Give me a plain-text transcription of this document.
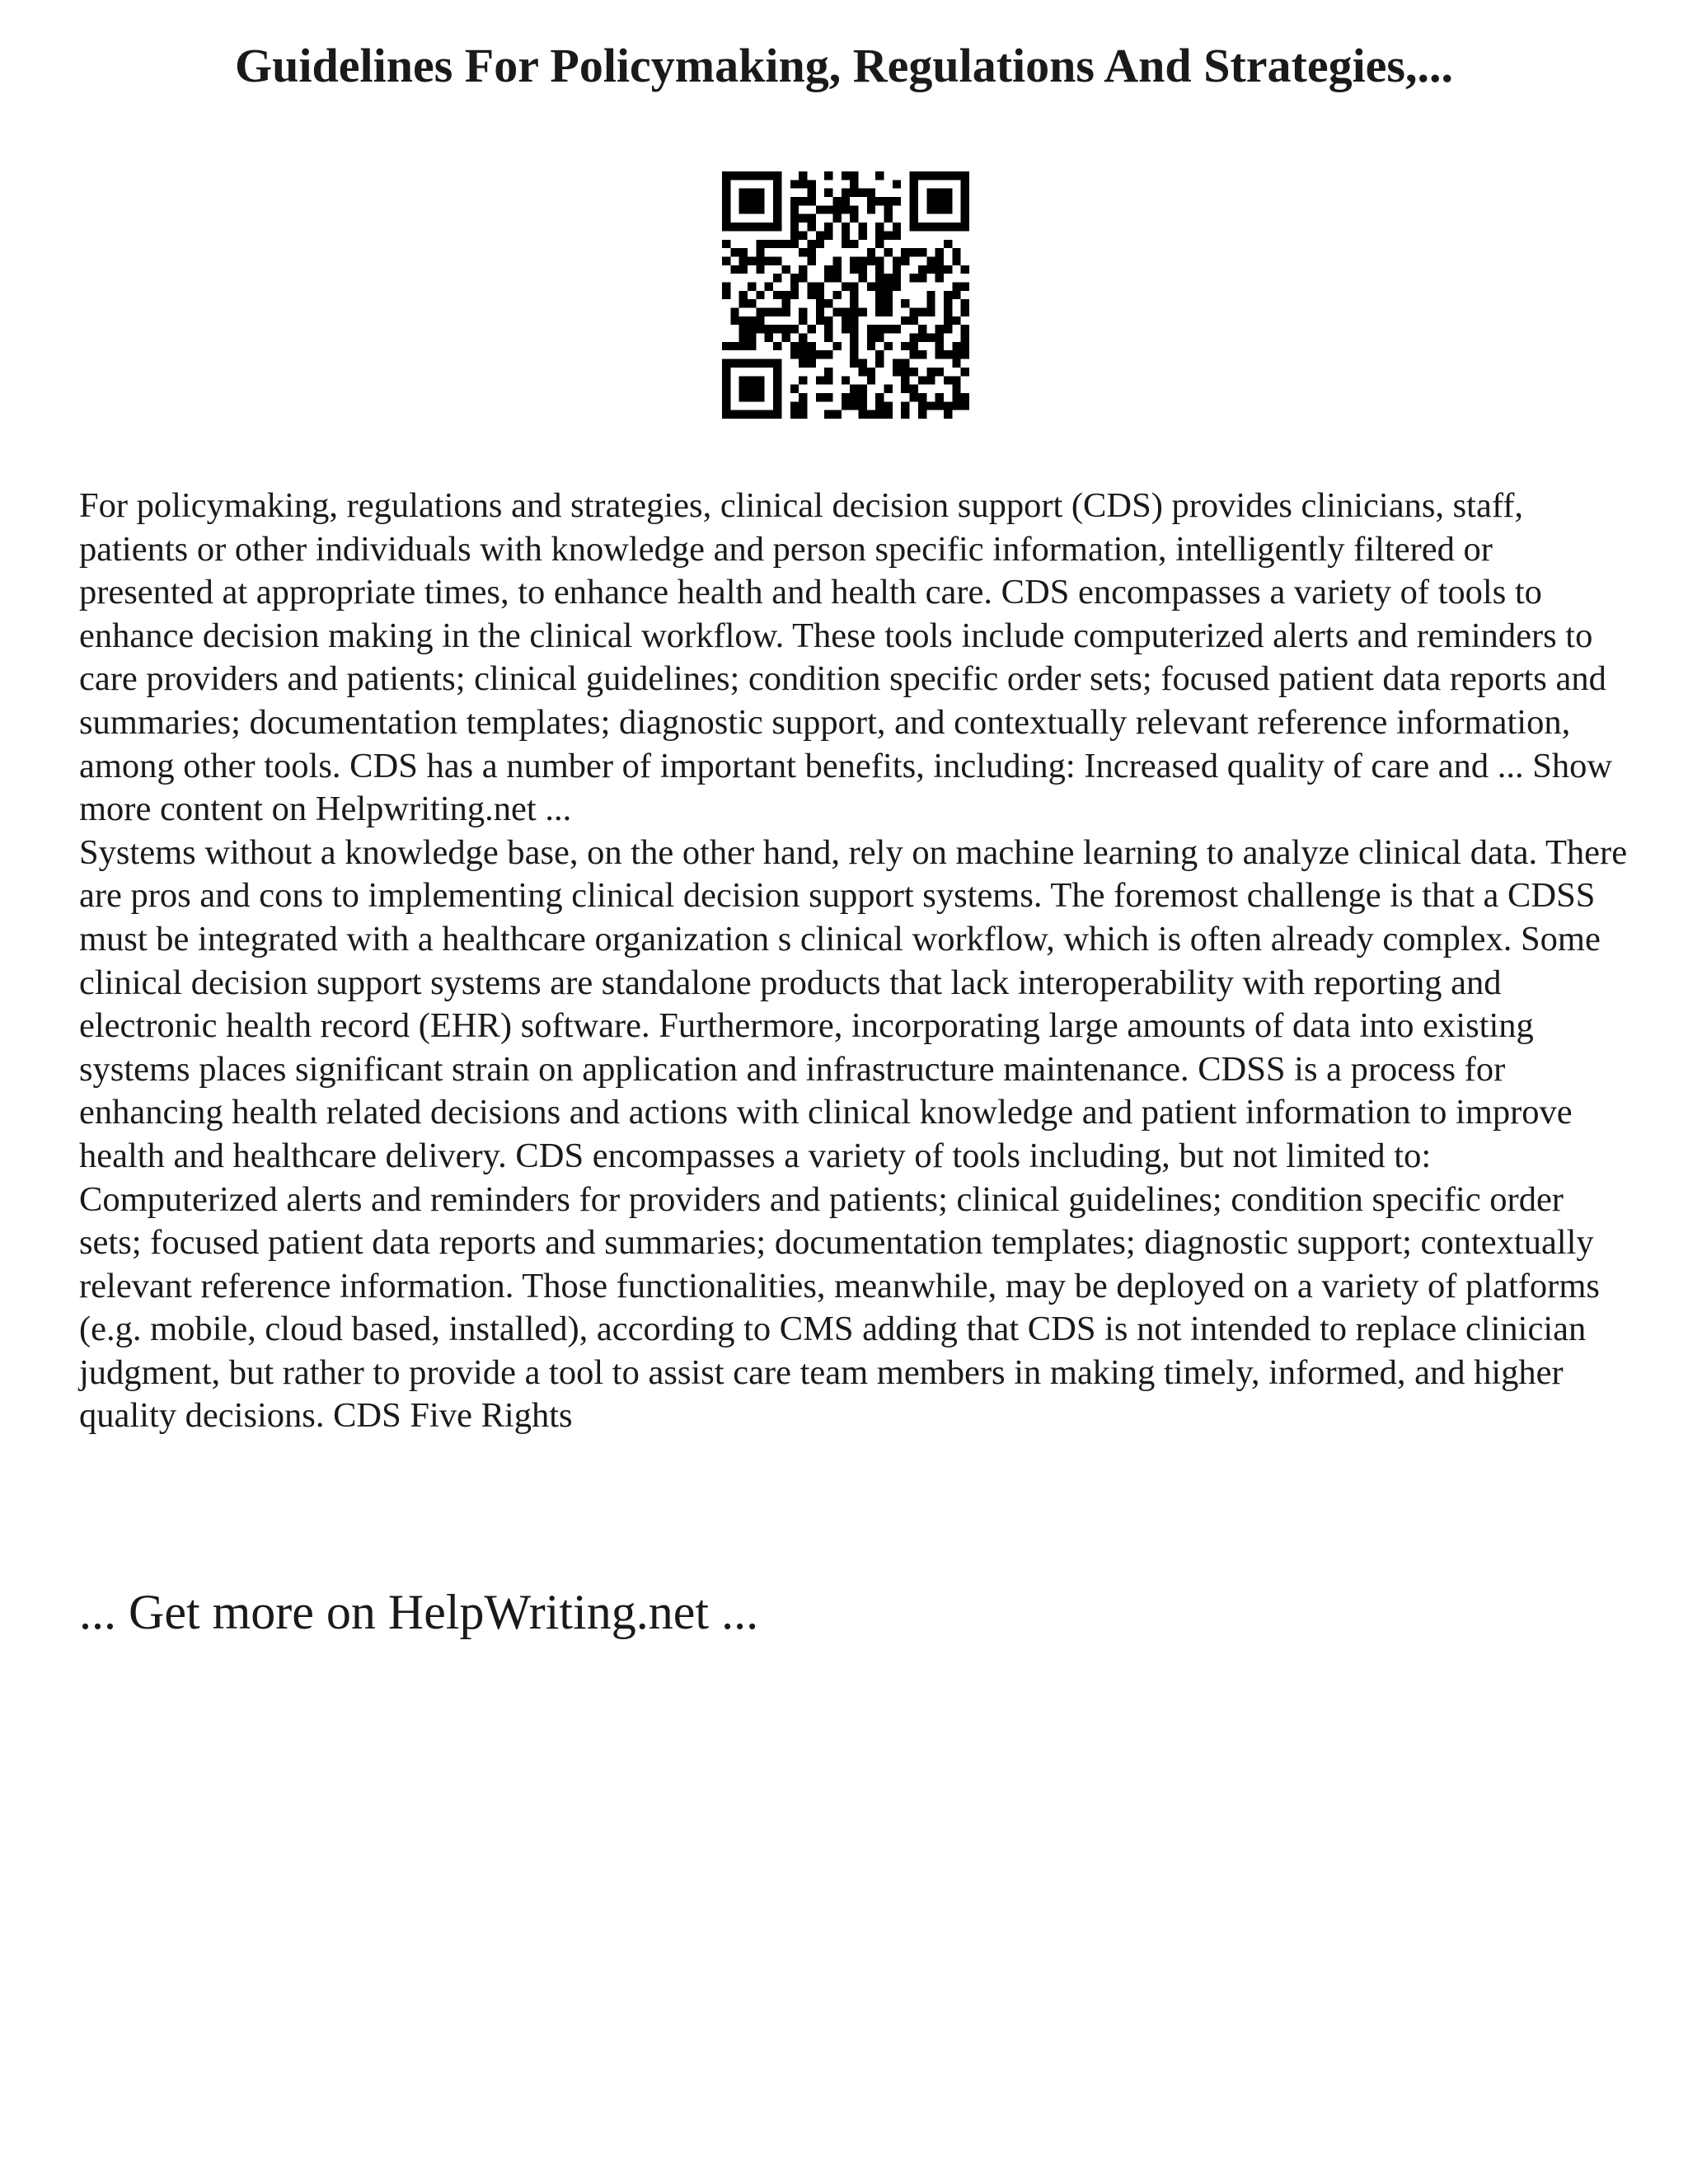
Guidelines For Policymaking, Regulations And Strategies,...

For policymaking, regulations and strategies, clinical decision support (CDS) provides clinicians, staff, patients or other individuals with knowledge and person specific information, intelligently filtered or presented at appropriate times, to enhance health and health care. CDS encompasses a variety of tools to enhance decision making in the clinical workflow. These tools include computerized alerts and reminders to care providers and patients; clinical guidelines; condition specific order sets; focused patient data reports and summaries; documentation templates; diagnostic support, and contextually relevant reference information, among other tools. CDS has a number of important benefits, including: Increased quality of care and ... Show more content on Helpwriting.net ...

Systems without a knowledge base, on the other hand, rely on machine learning to analyze clinical data. There are pros and cons to implementing clinical decision support systems. The foremost challenge is that a CDSS must be integrated with a healthcare organization s clinical workflow, which is often already complex. Some clinical decision support systems are standalone products that lack interoperability with reporting and electronic health record (EHR) software. Furthermore, incorporating large amounts of data into existing systems places significant strain on application and infrastructure maintenance. CDSS is a process for enhancing health related decisions and actions with clinical knowledge and patient information to improve health and healthcare delivery. CDS encompasses a variety of tools including, but not limited to: Computerized alerts and reminders for providers and patients; clinical guidelines; condition specific order sets; focused patient data reports and summaries; documentation templates; diagnostic support; contextually relevant reference information. Those functionalities, meanwhile, may be deployed on a variety of platforms (e.g. mobile, cloud based, installed), according to CMS adding that CDS is not intended to replace clinician judgment, but rather to provide a tool to assist care team members in making timely, informed, and higher quality decisions. CDS Five Rights

... Get more on HelpWriting.net ...
